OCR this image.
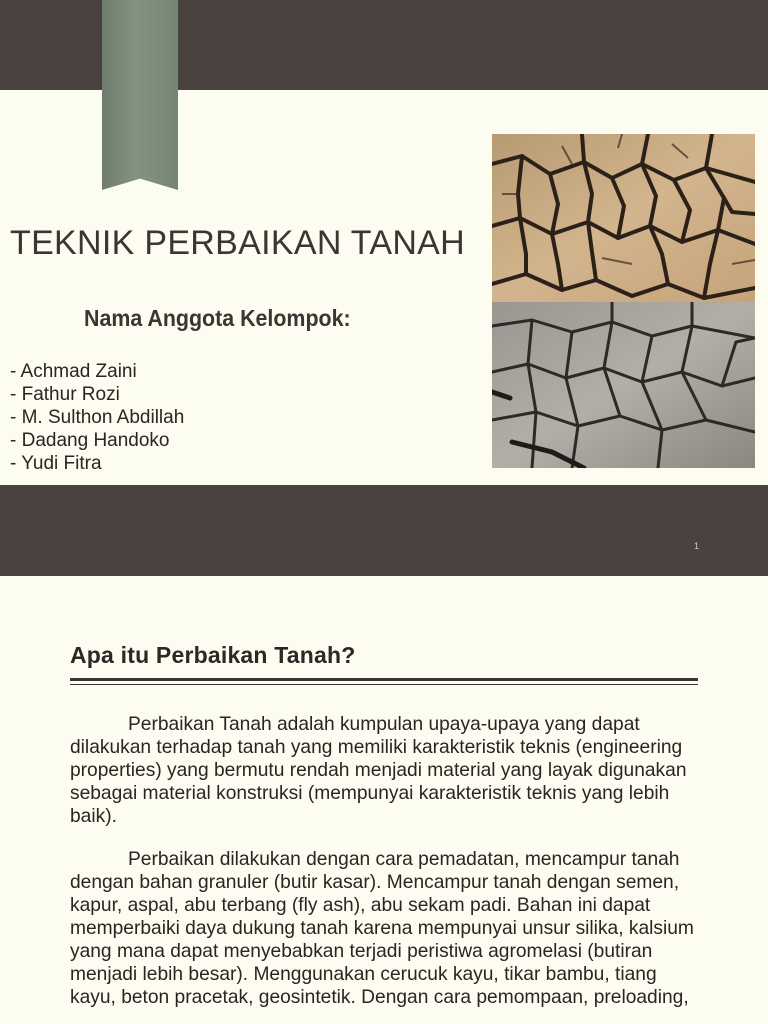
TEKNIK PERBAIKAN TANAH
Nama Anggota Kelompok:
- Achmad Zaini
- Fathur Rozi
- M. Sulthon Abdillah
- Dadang Handoko
- Yudi Fitra
1
Apa itu Perbaikan Tanah?

Perbaikan Tanah adalah kumpulan upaya-upaya yang dapat dilakukan terhadap tanah yang memiliki karakteristik teknis (engineering properties) yang bermutu rendah menjadi material yang layak digunakan sebagai material konstruksi (mempunyai karakteristik teknis yang lebih baik).

Perbaikan dilakukan dengan cara pemadatan, mencampur tanah dengan bahan granuler (butir kasar). Mencampur tanah dengan semen, kapur, aspal, abu terbang (fly ash), abu sekam padi. Bahan ini dapat memperbaiki daya dukung tanah karena mempunyai unsur silika, kalsium yang mana dapat menyebabkan terjadi peristiwa agromelasi (butiran menjadi lebih besar). Menggunakan cerucuk kayu, tikar bambu, tiang kayu, beton pracetak, geosintetik. Dengan cara pemompaan, preloading,
